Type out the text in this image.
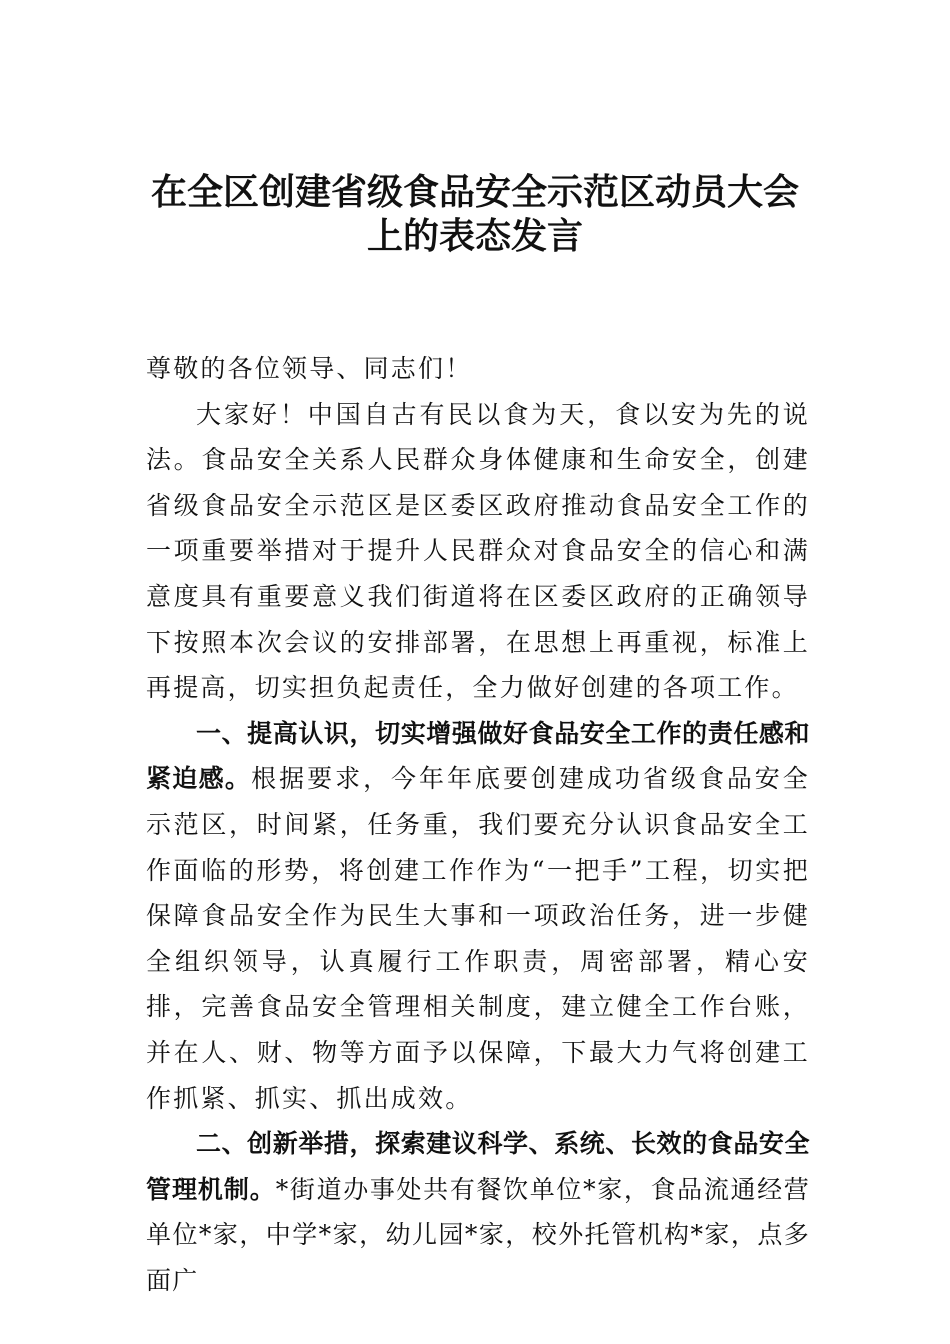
在全区创建省级食品安全示范区动员大会
上的表态发言

尊敬的各位领导、同志们！

大家好！中国自古有民以食为天，食以安为先的说法。食品安全关系人民群众身体健康和生命安全，创建省级食品安全示范区是区委区政府推动食品安全工作的一项重要举措对于提升人民群众对食品安全的信心和满意度具有重要意义我们街道将在区委区政府的正确领导下按照本次会议的安排部署，在思想上再重视，标准上再提高，切实担负起责任，全力做好创建的各项工作。

一、提高认识，切实增强做好食品安全工作的责任感和紧迫感。根据要求，今年年底要创建成功省级食品安全示范区，时间紧，任务重，我们要充分认识食品安全工作面临的形势，将创建工作作为“一把手”工程，切实把保障食品安全作为民生大事和一项政治任务，进一步健全组织领导，认真履行工作职责，周密部署，精心安排，完善食品安全管理相关制度，建立健全工作台账，并在人、财、物等方面予以保障，下最大力气将创建工作抓紧、抓实、抓出成效。

二、创新举措，探索建议科学、系统、长效的食品安全管理机制。*街道办事处共有餐饮单位*家，食品流通经营单位*家，中学*家，幼儿园*家，校外托管机构*家，点多面广
